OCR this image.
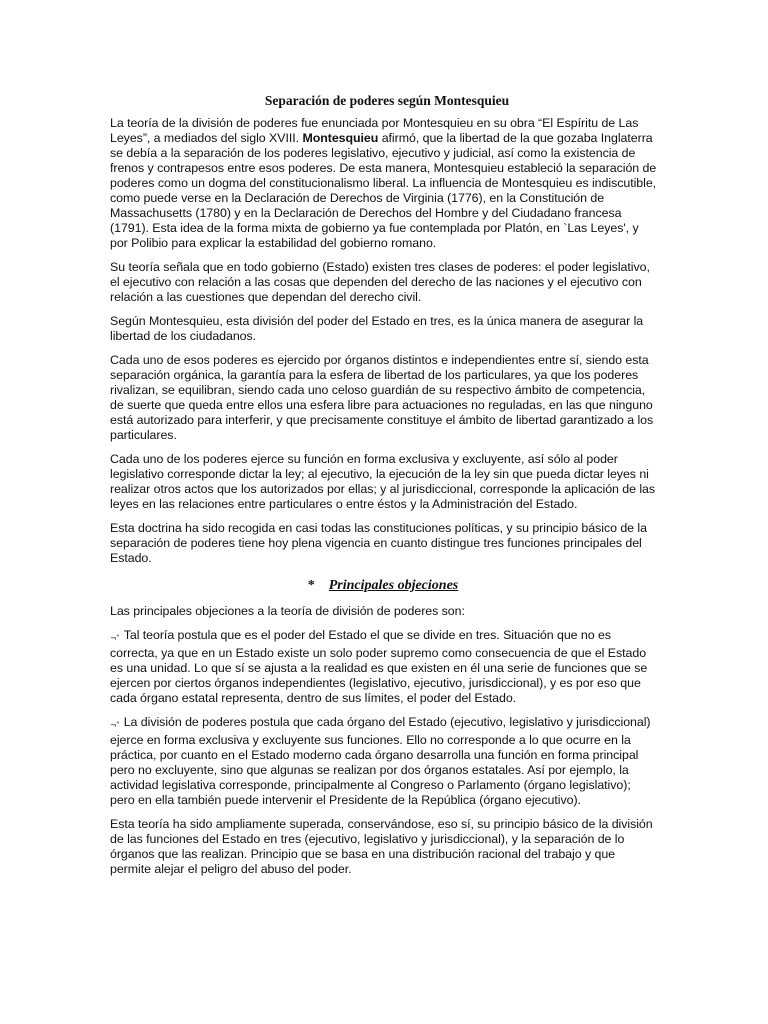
Separación de poderes según Montesquieu

La teoría de la división de poderes fue enunciada por Montesquieu en su obra “El Espíritu de Las Leyes”, a mediados del siglo XVIII. Montesquieu afirmó, que la libertad de la que gozaba Inglaterra se debía a la separación de los poderes legislativo, ejecutivo y judicial, así como la existencia de frenos y contrapesos entre esos poderes. De esta manera, Montesquieu estableció la separación de poderes como un dogma del constitucionalismo liberal. La influencia de Montesquieu es indiscutible, como puede verse en la Declaración de Derechos de Virginia (1776), en la Constitución de Massachusetts (1780) y en la Declaración de Derechos del Hombre y del Ciudadano francesa (1791). Esta idea de la forma mixta de gobierno ya fue contemplada por Platón, en `Las Leyes', y por Polibio para explicar la estabilidad del gobierno romano.

Su teoría señala que en todo gobierno (Estado) existen tres clases de poderes: el poder legislativo, el ejecutivo con relación a las cosas que dependen del derecho de las naciones y el ejecutivo con relación a las cuestiones que dependan del derecho civil.

Según Montesquieu, esta división del poder del Estado en tres, es la única manera de asegurar la libertad de los ciudadanos.

Cada uno de esos poderes es ejercido por órganos distintos e independientes entre sí, siendo esta separación orgánica, la garantía para la esfera de libertad de los particulares, ya que los poderes rivalizan, se equilibran, siendo cada uno celoso guardián de su respectivo ámbito de competencia, de suerte que queda entre ellos una esfera libre para actuaciones no reguladas, en las que ninguno está autorizado para interferir, y que precisamente constituye el ámbito de libertad garantizado a los particulares.

Cada uno de los poderes ejerce su función en forma exclusiva y excluyente, así sólo al poder legislativo corresponde dictar la ley; al ejecutivo, la ejecución de la ley sin que pueda dictar leyes ni realizar otros actos que los autorizados por ellas; y al jurisdiccional, corresponde la aplicación de las leyes en las relaciones entre particulares o entre éstos y la Administración del Estado.

Esta doctrina ha sido recogida en casi todas las constituciones políticas, y su principio básico de la separación de poderes tiene hoy plena vigencia en cuanto distingue tres funciones principales del Estado.

* Principales objeciones

Las principales objeciones a la teoría de división de poderes son:

¬˄ Tal teoría postula que es el poder del Estado el que se divide en tres. Situación que no es correcta, ya que en un Estado existe un solo poder supremo como consecuencia de que el Estado es una unidad. Lo que sí se ajusta a la realidad es que existen en él una serie de funciones que se ejercen por ciertos órganos independientes (legislativo, ejecutivo, jurisdiccional), y es por eso que cada órgano estatal representa, dentro de sus límites, el poder del Estado.

¬˄ La división de poderes postula que cada órgano del Estado (ejecutivo, legislativo y jurisdiccional) ejerce en forma exclusiva y excluyente sus funciones. Ello no corresponde a lo que ocurre en la práctica, por cuanto en el Estado moderno cada órgano desarrolla una función en forma principal pero no excluyente, sino que algunas se realizan por dos órganos estatales. Así por ejemplo, la actividad legislativa corresponde, principalmente al Congreso o Parlamento (órgano legislativo); pero en ella también puede intervenir el Presidente de la República (órgano ejecutivo).

Esta teoría ha sido ampliamente superada, conservándose, eso sí, su principio básico de la división de las funciones del Estado en tres (ejecutivo, legislativo y jurisdiccional), y la separación de lo órganos que las realizan. Principio que se basa en una distribución racional del trabajo y que permite alejar el peligro del abuso del poder.
